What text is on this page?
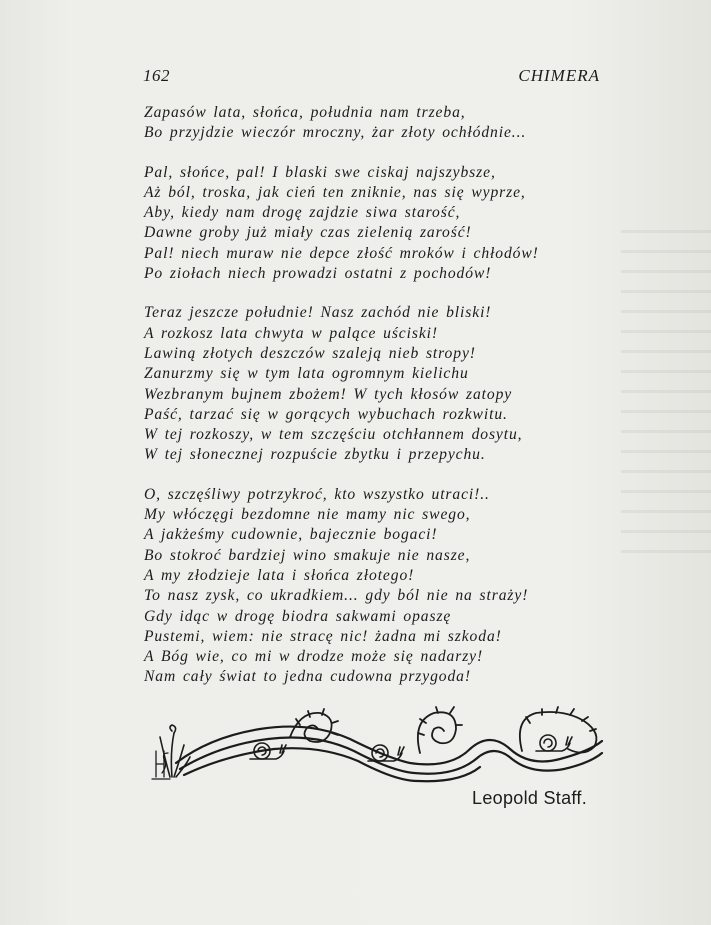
162	CHIMERA
Zapasów lata, słońca, południa nam trzeba,
Bo przyjdzie wieczór mroczny, żar złoty ochłódnie...
Pal, słońce, pal! I blaski swe ciskaj najszybsze,
Aż ból, troska, jak cień ten zniknie, nas się wyprze,
Aby, kiedy nam drogę zajdzie siwa starość,
Dawne groby już miały czas zielenią zarość!
Pal! niech muraw nie depce złość mroków i chłodów!
Po ziołach niech prowadzi ostatni z pochodów!
Teraz jeszcze południe! Nasz zachód nie bliski!
A rozkosz lata chwyta w palące uściski!
Lawiną złotych deszczów szaleją nieb stropy!
Zanurzmy się w tym lata ogromnym kielichu
Wezbranym bujnem zbożem! W tych kłosów zatopy
Paść, tarzać się w gorących wybuchach rozkwitu.
W tej rozkoszy, w tem szczęściu otchłannem dosytu,
W tej słonecznej rozpuście zbytku i przepychu.
O, szczęśliwy potrzykroć, kto wszystko utraci!..
My włóczęgi bezdomne nie mamy nic swego,
A jakżeśmy cudownie, bajecznie bogaci!
Bo stokroć bardziej wino smakuje nie nasze,
A my złodzieje lata i słońca złotego!
To nasz zysk, co ukradkiem... gdy ból nie na straży!
Gdy idąc w drogę biodra sakwami opaszę
Pustemi, wiem: nie stracę nic! żadna mi szkoda!
A Bóg wie, co mi w drodze może się nadarzy!
Nam cały świat to jedna cudowna przygoda!
Leopold Staff.
